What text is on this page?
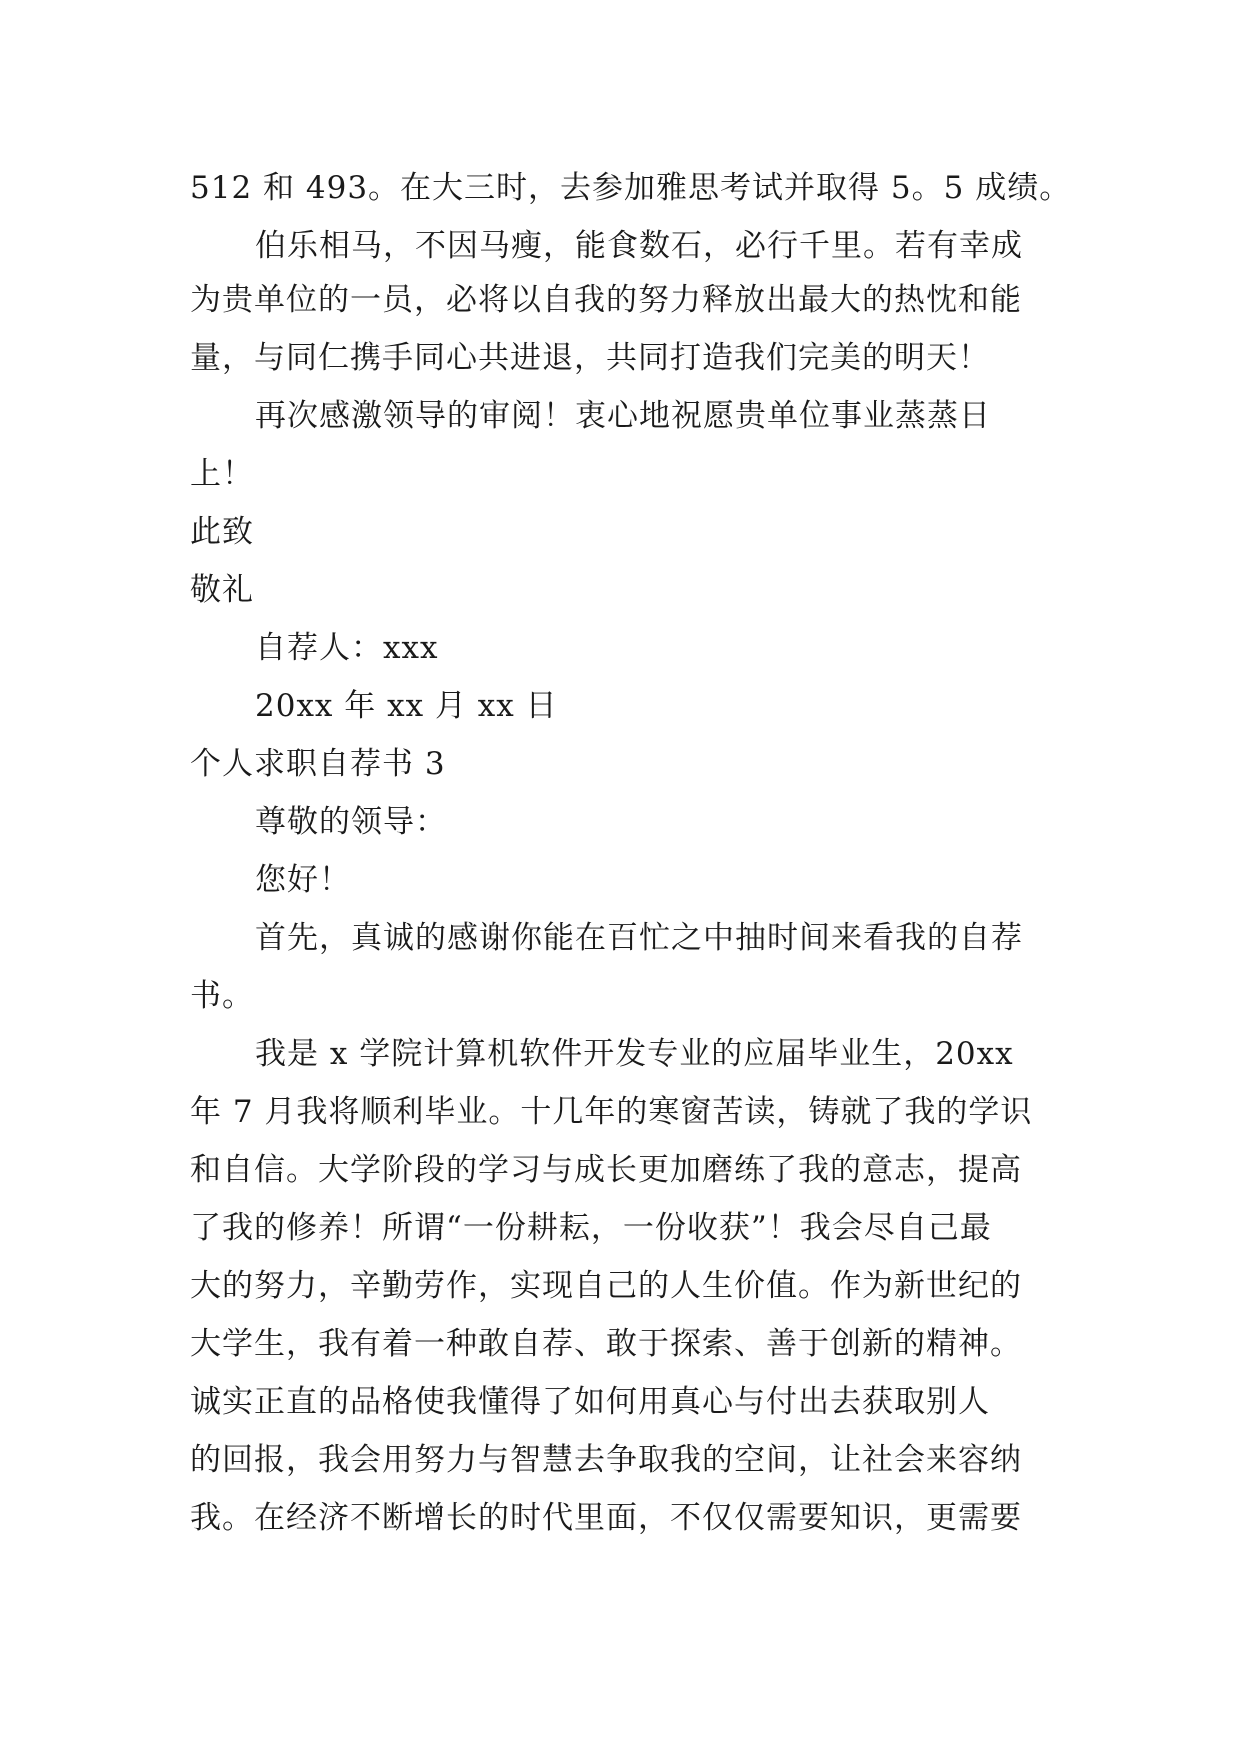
512 和 493。在大三时，去参加雅思考试并取得 5。5 成绩。
伯乐相马，不因马瘦，能食数石，必行千里。若有幸成
为贵单位的一员，必将以自我的努力释放出最大的热忱和能
量，与同仁携手同心共进退，共同打造我们完美的明天！
再次感激领导的审阅！衷心地祝愿贵单位事业蒸蒸日
上！
此致
敬礼
自荐人：xxx
20xx 年 xx 月 xx 日
个人求职自荐书 3
尊敬的领导：
您好！
首先，真诚的感谢你能在百忙之中抽时间来看我的自荐
书。
我是 x 学院计算机软件开发专业的应届毕业生，20xx
年 7 月我将顺利毕业。十几年的寒窗苦读，铸就了我的学识
和自信。大学阶段的学习与成长更加磨练了我的意志，提高
了我的修养！所谓“一份耕耘，一份收获”！我会尽自己最
大的努力，辛勤劳作，实现自己的人生价值。作为新世纪的
大学生，我有着一种敢自荐、敢于探索、善于创新的精神。
诚实正直的品格使我懂得了如何用真心与付出去获取别人
的回报，我会用努力与智慧去争取我的空间，让社会来容纳
我。在经济不断增长的时代里面，不仅仅需要知识，更需要
